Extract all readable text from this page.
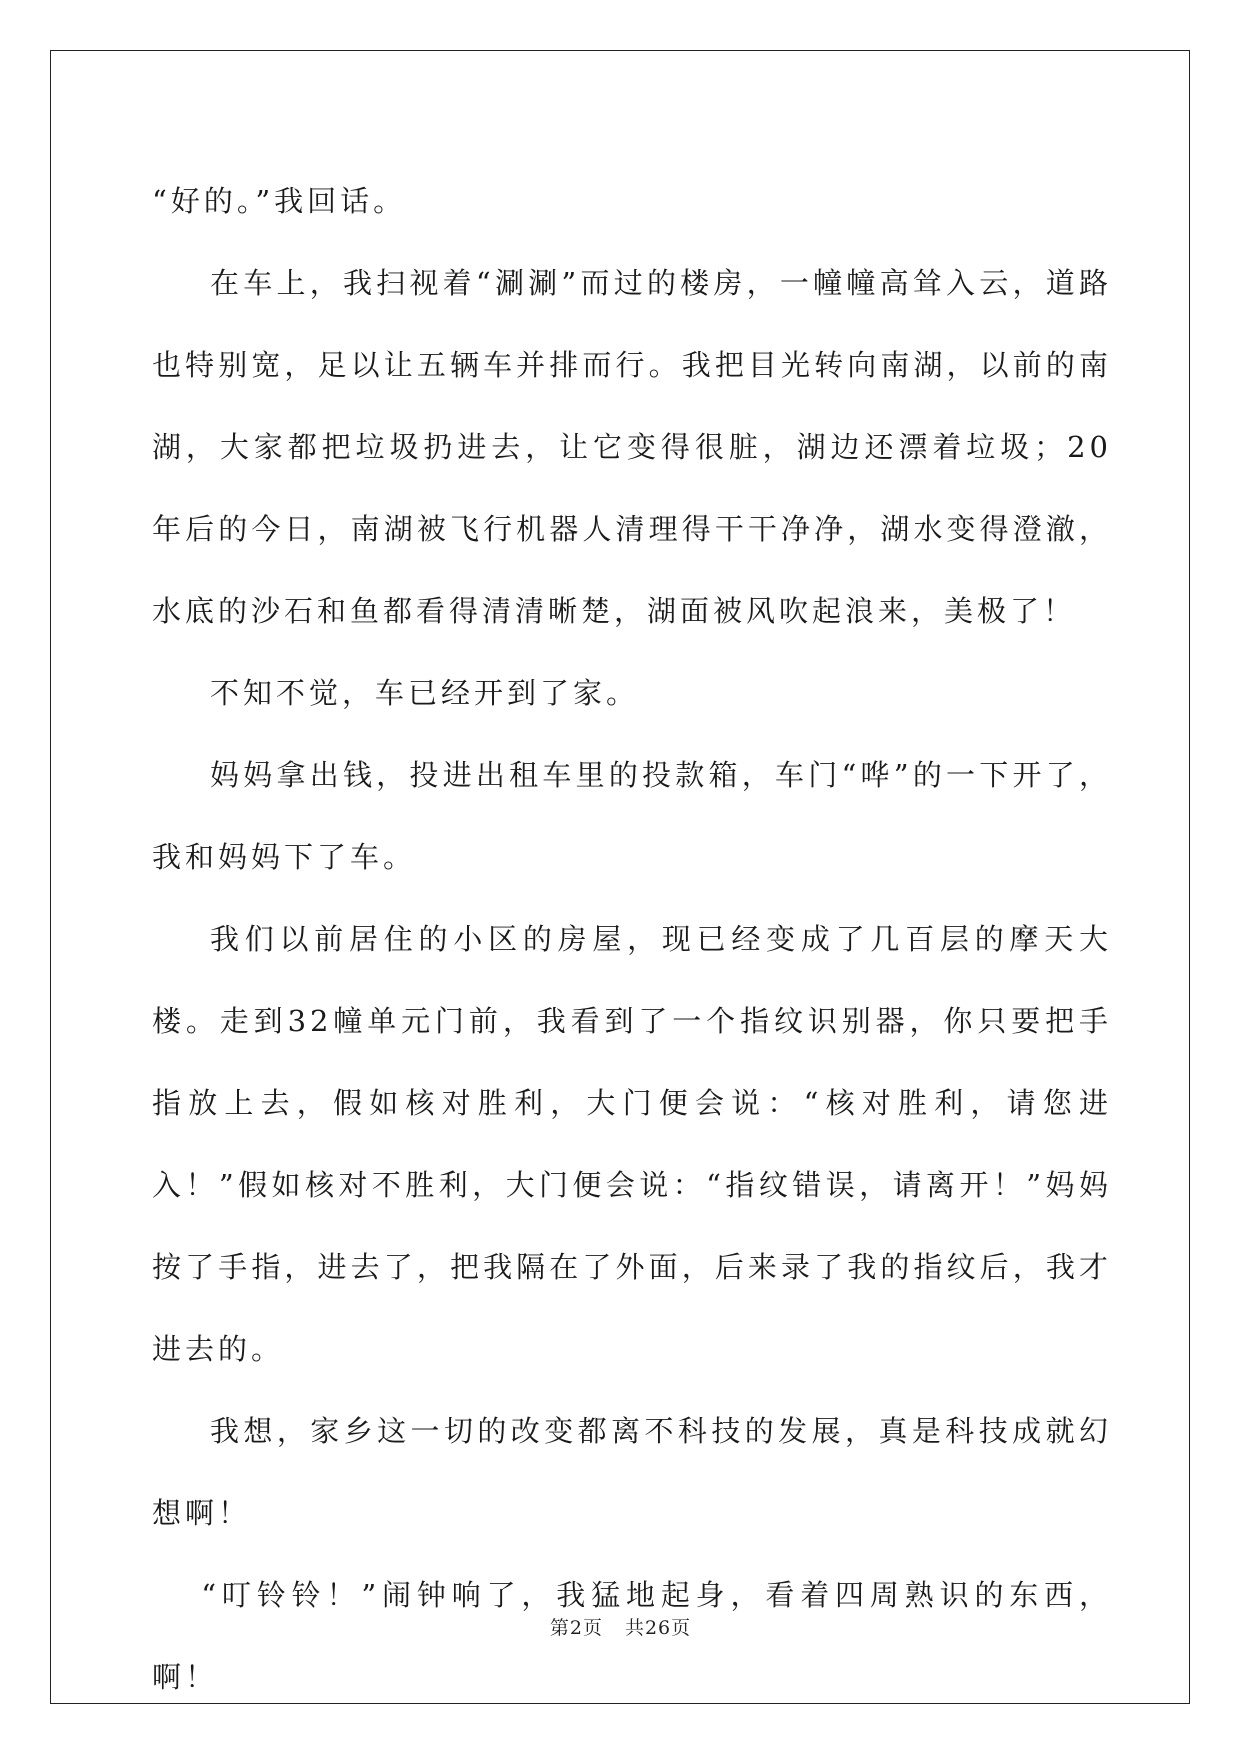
“好的。”我回话。

在车上，我扫视着“涮涮”而过的楼房，一幢幢高耸入云，道路也特别宽，足以让五辆车并排而行。我把目光转向南湖，以前的南湖，大家都把垃圾扔进去，让它变得很脏，湖边还漂着垃圾；20年后的今日，南湖被飞行机器人清理得干干净净，湖水变得澄澈，水底的沙石和鱼都看得清清晰楚，湖面被风吹起浪来，美极了！

不知不觉，车已经开到了家。

妈妈拿出钱，投进出租车里的投款箱，车门“哗”的一下开了，我和妈妈下了车。

我们以前居住的小区的房屋，现已经变成了几百层的摩天大楼。走到32幢单元门前，我看到了一个指纹识别器，你只要把手指放上去，假如核对胜利，大门便会说：“核对胜利，请您进入！”假如核对不胜利，大门便会说：“指纹错误，请离开！”妈妈按了手指，进去了，把我隔在了外面，后来录了我的指纹后，我才进去的。

我想，家乡这一切的改变都离不科技的发展，真是科技成就幻想啊！

“叮铃铃！”闹钟响了，我猛地起身，看着四周熟识的东西，啊！

第2页 共26页
